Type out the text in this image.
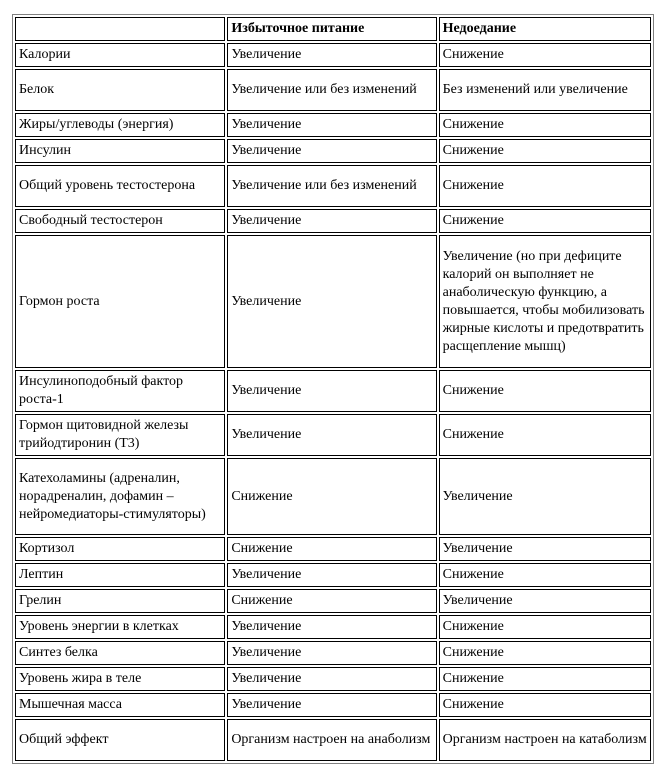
	Избыточное питание	Недоедание
Калории	Увеличение	Снижение
Белок	Увеличение или без изменений	Без изменений или увеличение
Жиры/углеводы (энергия)	Увеличение	Снижение
Инсулин	Увеличение	Снижение
Общий уровень тестостерона	Увеличение или без изменений	Снижение
Свободный тестостерон	Увеличение	Снижение
Гормон роста	Увеличение	Увеличение (но при дефиците калорий он выполняет не анаболическую функцию, а повышается, чтобы мобилизовать жирные кислоты и предотвратить расщепление мышц)
Инсулиноподобный фактор роста-1	Увеличение	Снижение
Гормон щитовидной железы трийодтиронин (Т3)	Увеличение	Снижение
Катехоламины (адреналин, норадреналин, дофамин – нейромедиаторы-стимуляторы)	Снижение	Увеличение
Кортизол	Снижение	Увеличение
Лептин	Увеличение	Снижение
Грелин	Снижение	Увеличение
Уровень энергии в клетках	Увеличение	Снижение
Синтез белка	Увеличение	Снижение
Уровень жира в теле	Увеличение	Снижение
Мышечная масса	Увеличение	Снижение
Общий эффект	Организм настроен на анаболизм	Организм настроен на катаболизм
